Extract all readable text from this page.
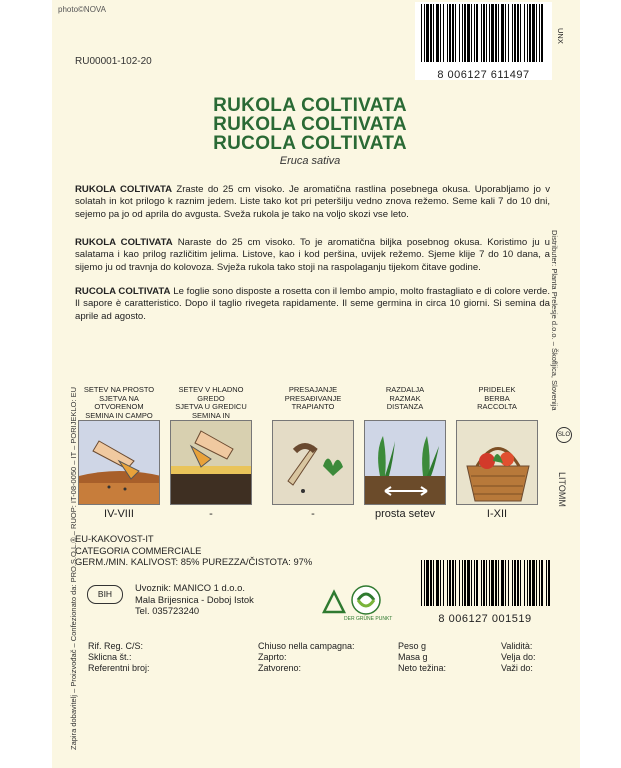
photo©NOVA
RU00001-102-20
8 006127 611497
UNX
RUKOLA COLTIVATA
RUKOLA COLTIVATA
RUCOLA COLTIVATA
Eruca sativa
RUKOLA COLTIVATA Zraste do 25 cm visoko. Je aromatična rastlina posebnega okusa. Uporabljamo jo v solatah in kot prilogo k raznim jedem. Liste tako kot pri peteršilju vedno znova režemo. Seme kali 7 do 10 dni, sejemo pa jo od aprila do avgusta. Sveža rukola je tako na voljo skozi vse leto.
RUKOLA COLTIVATA Naraste do 25 cm visoko. To je aromatična biljka posebnog okusa. Koristimo ju u salatama i kao prilog različitim jelima. Listove, kao i kod peršina, uvijek režemo. Sjeme klije 7 do 10 dana, a sijemo ju od travnja do kolovoza. Svježa rukola tako stoji na raspolaganju tijekom čitave godine.
RUCOLA COLTIVATA Le foglie sono disposte a rosetta con il lembo ampio, molto frastagliato e di colore verde. Il sapore è caratteristico. Dopo il taglio rivegeta rapidamente. Il seme germina in circa 10 giorni. Si semina da aprile ad agosto.
Zapira dobavitelj – Proizvođač – Confezionato da: PRO.S.O.L.® – RUOP: IT-08-0050 – IT – PORIJEKLO: EU
Distributer: Planta Prelesje d.o.o. – Škofljica, Slovenija
SLO
LITOMM
SETEV NA PROSTO
SJETVA NA OTVORENOM
SEMINA IN CAMPO
IV-VIII
SETEV V HLADNO GREDO
SJETVA U GREDICU
SEMINA IN
-
PRESAJANJE
PRESAĐIVANJE
TRAPIANTO
-
RAZDALJA
RAZMAK
DISTANZA
prosta setev
PRIDELEK
BERBA
RACCOLTA
I-XII
EU-KAKOVOST-IT
CATEGORIA COMMERCIALE
GERM./MIN. KALIVOST: 85% PUREZZA/ČISTOTA: 97%
BIH
Uvoznik: MANICO 1 d.o.o.
Mala Brijesnica - Doboj Istok
Tel. 035723240
DER GRÜNE PUNKT	8 006127 001519
Rif. Reg. C/S:
Sklicna št.:
Referentni broj:
Chiuso nella campagna:
Zaprto:
Zatvoreno:
Peso g
Masa g
Neto težina:
Validità:
Velja do:
Važi do:
